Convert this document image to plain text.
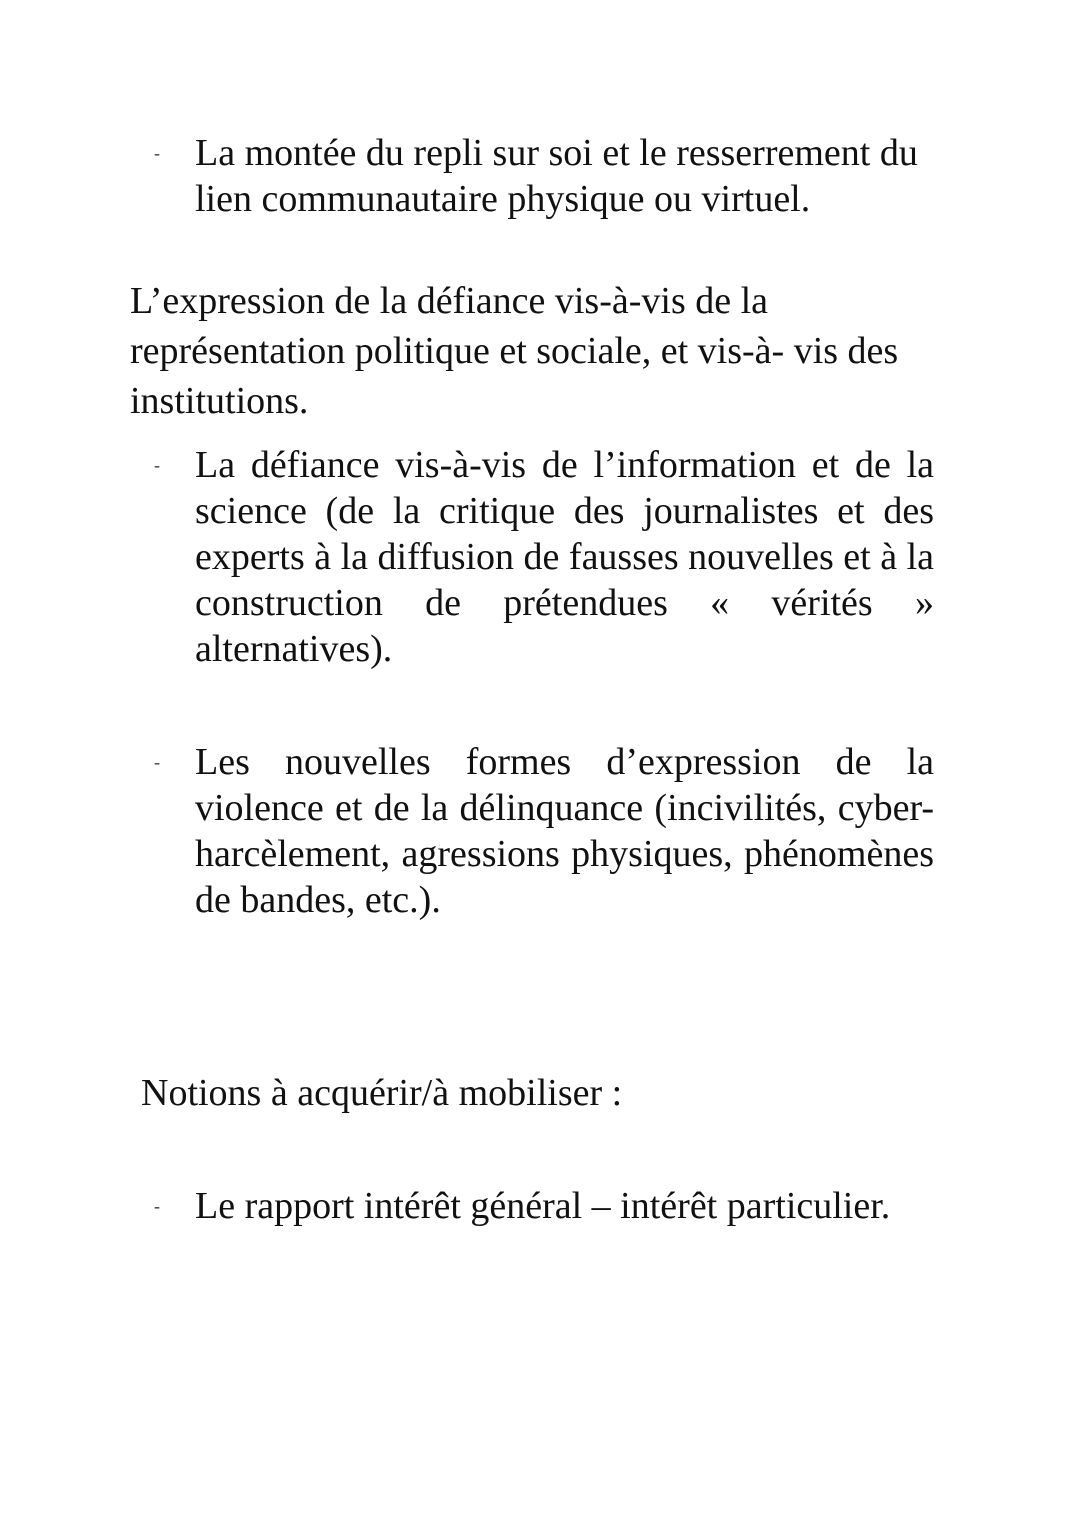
- La montée du repli sur soi et le resserrement du lien communautaire physique ou virtuel.
L’expression de la défiance vis-à-vis de la représentation politique et sociale, et vis-à- vis des institutions.
- La défiance vis-à-vis de l’information et de la science (de la critique des journalistes et des experts à la diffusion de fausses nouvelles et à la construction de prétendues « vérités » alternatives).
- Les nouvelles formes d’expression de la violence et de la délinquance (incivilités, cyber-harcèlement, agressions physiques, phénomènes de bandes, etc.).
Notions à acquérir/à mobiliser :
- Le rapport intérêt général – intérêt particulier.
